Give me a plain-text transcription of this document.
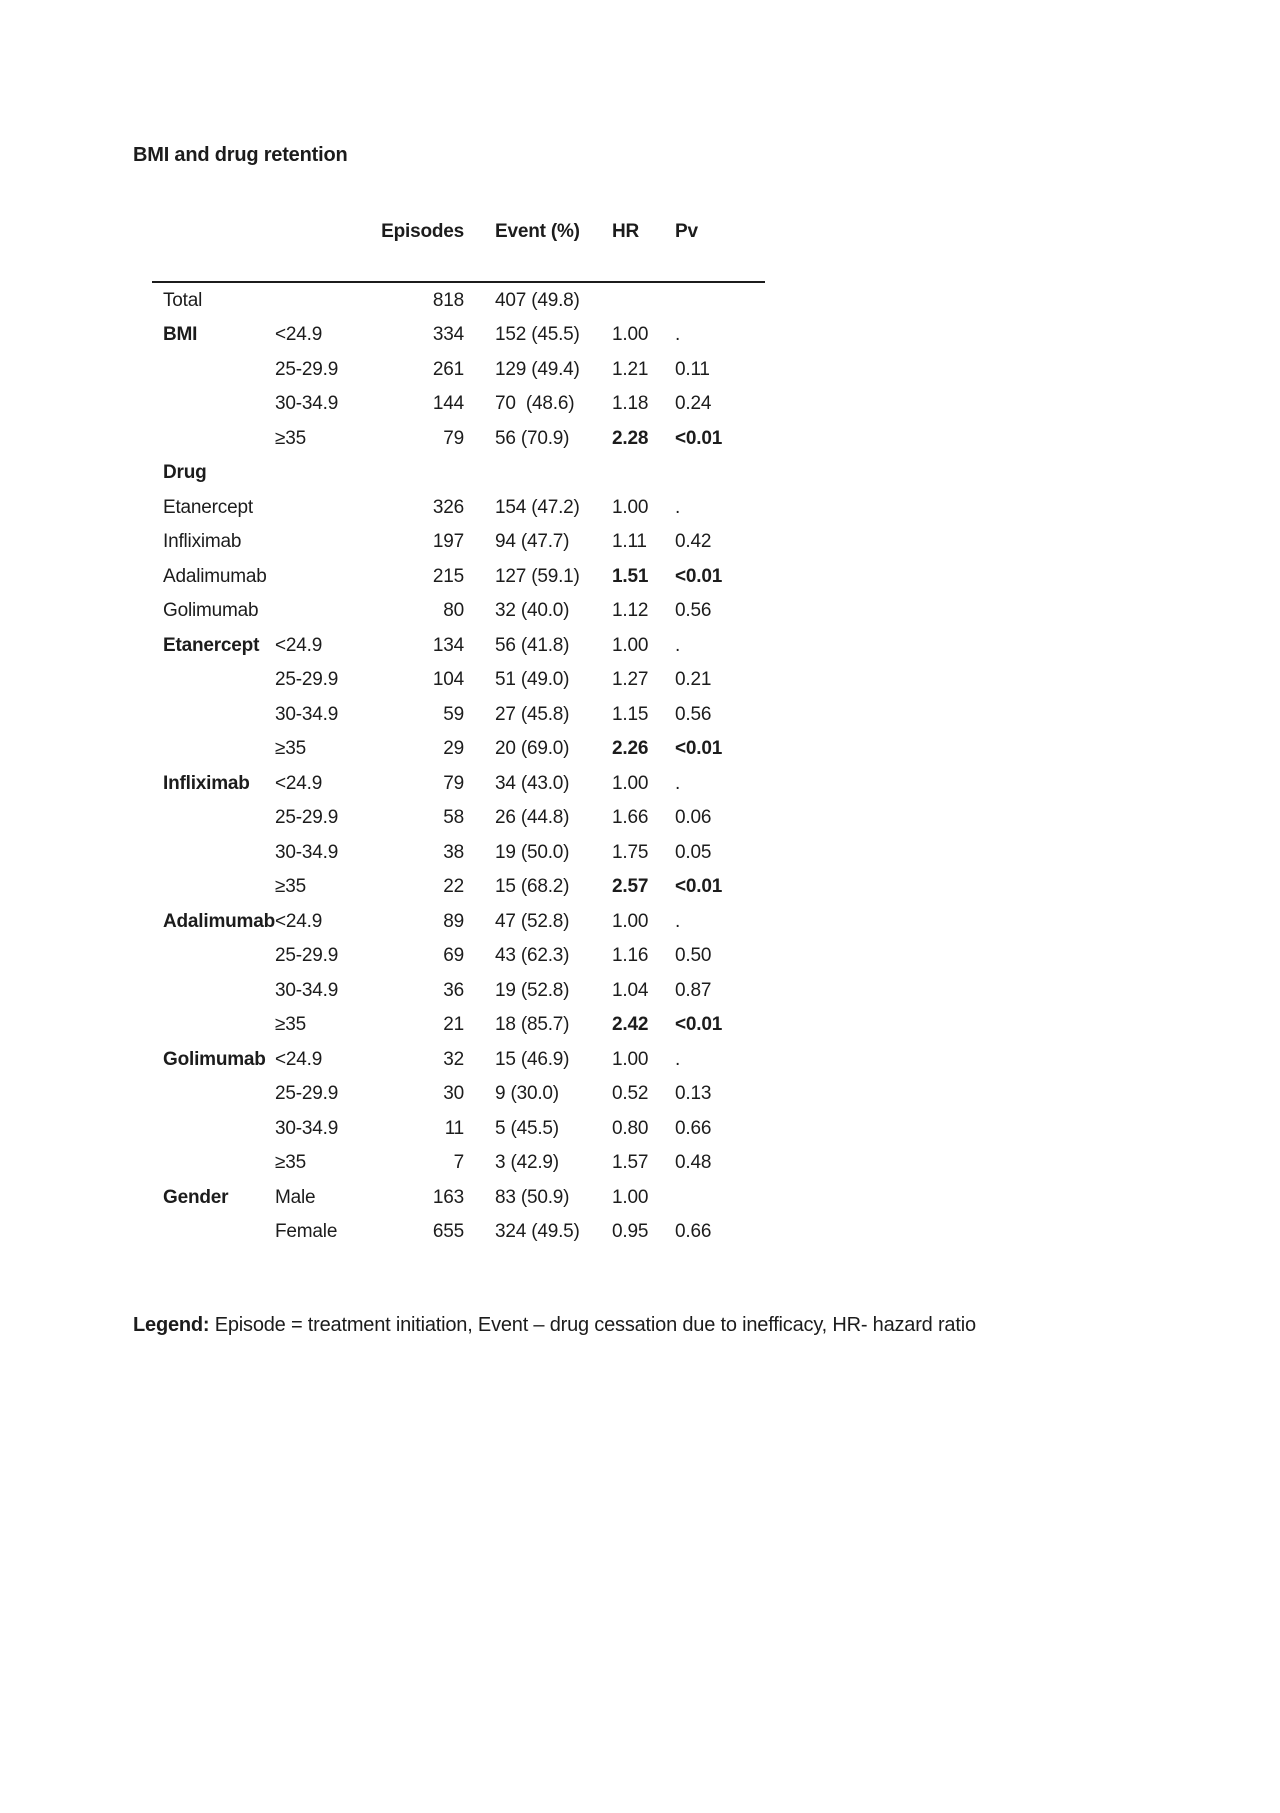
BMI and drug retention
		Episodes	Event (%)	HR	Pv
Total		818	407 (49.8)		
BMI	<24.9	334	152 (45.5)	1.00	.
	25-29.9	261	129 (49.4)	1.21	0.11
	30-34.9	144	70  (48.6)	1.18	0.24
	≥35	79	56 (70.9)	2.28	<0.01
Drug					
Etanercept		326	154 (47.2)	1.00	.
Infliximab		197	94 (47.7)	1.11	0.42
Adalimumab		215	127 (59.1)	1.51	<0.01
Golimumab		80	32 (40.0)	1.12	0.56
Etanercept	<24.9	134	56 (41.8)	1.00	.
	25-29.9	104	51 (49.0)	1.27	0.21
	30-34.9	59	27 (45.8)	1.15	0.56
	≥35	29	20 (69.0)	2.26	<0.01
Infliximab	<24.9	79	34 (43.0)	1.00	.
	25-29.9	58	26 (44.8)	1.66	0.06
	30-34.9	38	19 (50.0)	1.75	0.05
	≥35	22	15 (68.2)	2.57	<0.01
Adalimumab	<24.9	89	47 (52.8)	1.00	.
	25-29.9	69	43 (62.3)	1.16	0.50
	30-34.9	36	19 (52.8)	1.04	0.87
	≥35	21	18 (85.7)	2.42	<0.01
Golimumab	<24.9	32	15 (46.9)	1.00	.
	25-29.9	30	9 (30.0)	0.52	0.13
	30-34.9	11	5 (45.5)	0.80	0.66
	≥35	7	3 (42.9)	1.57	0.48
Gender	Male	163	83 (50.9)	1.00	
	Female	655	324 (49.5)	0.95	0.66
Legend: Episode = treatment initiation, Event – drug cessation due to inefficacy, HR- hazard ratio
